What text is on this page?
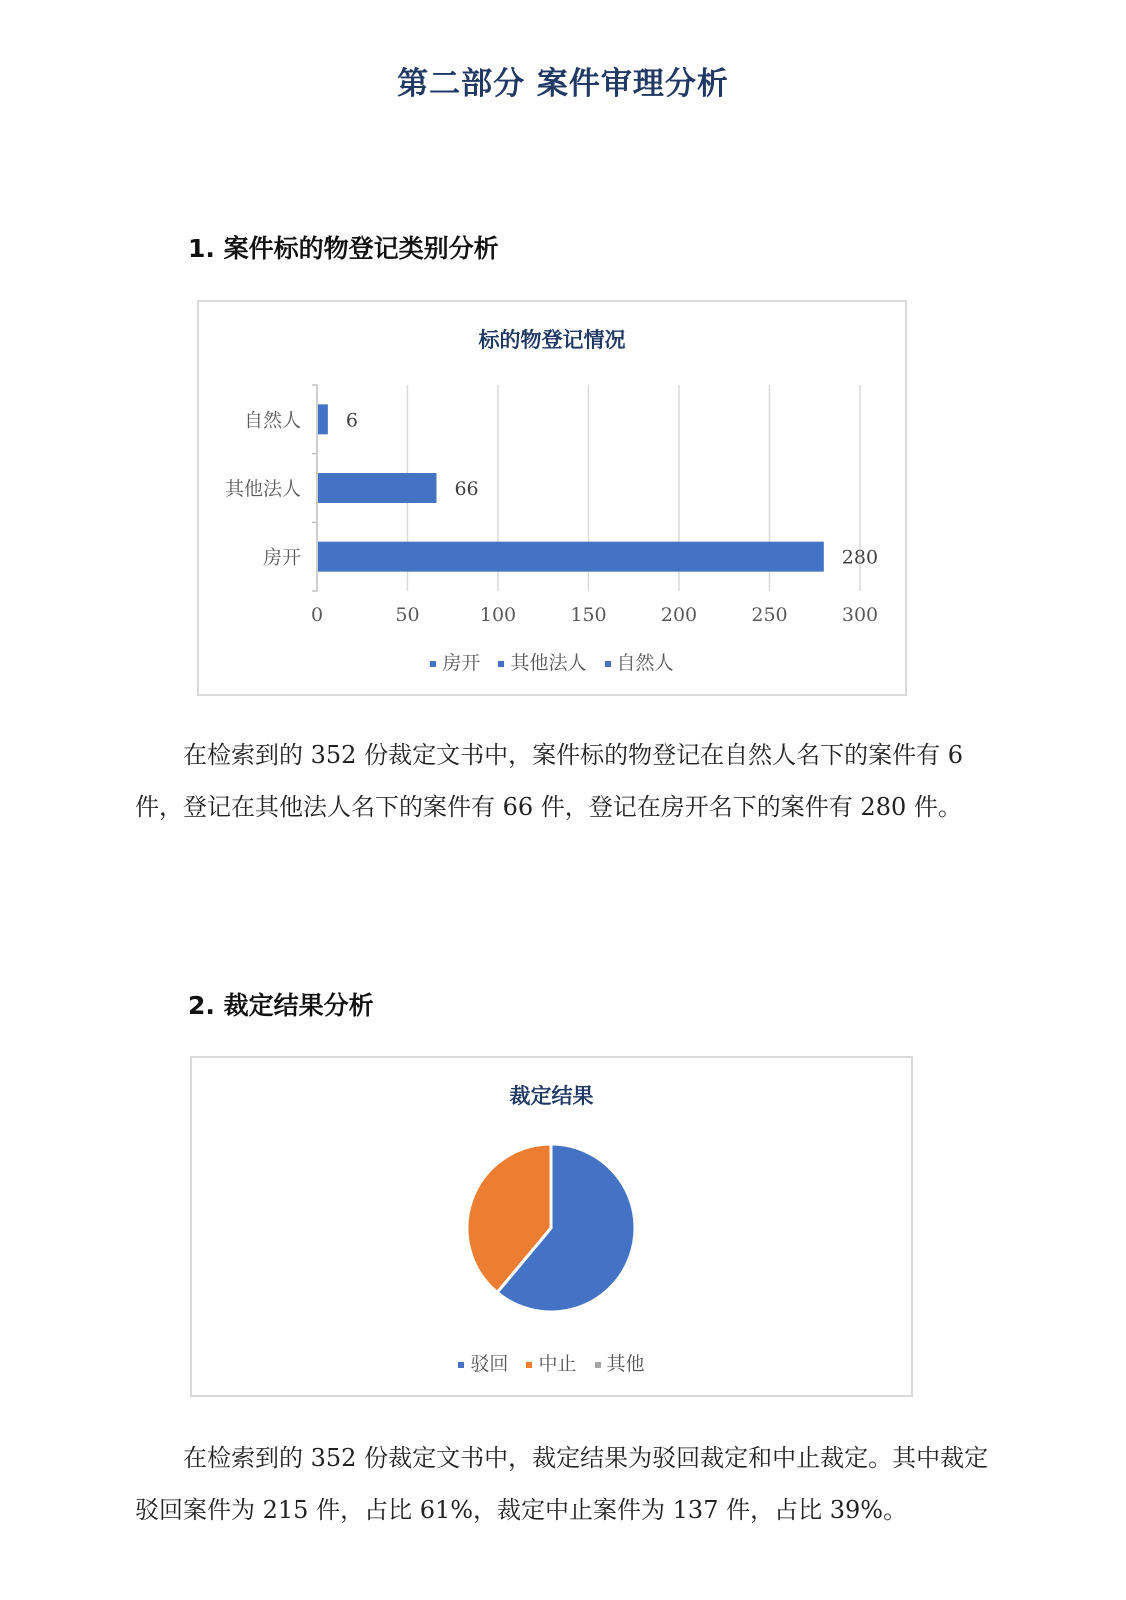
第二部分 案件审理分析
1. 案件标的物登记类别分析
标的物登记情况
0	50	100	150	200	250	300
自然人 6
其他法人	66
房开	280
房开 其他法人 自然人

在检索到的 352 份裁定文书中，案件标的物登记在自然人名下的案件有 6 件，登记在其他法人名下的案件有 66 件，登记在房开名下的案件有 280 件。

2. 裁定结果分析
裁定结果
驳回 中止 其他

在检索到的 352 份裁定文书中，裁定结果为驳回裁定和中止裁定。其中裁定驳回案件为 215 件，占比 61%，裁定中止案件为 137 件，占比 39%。
